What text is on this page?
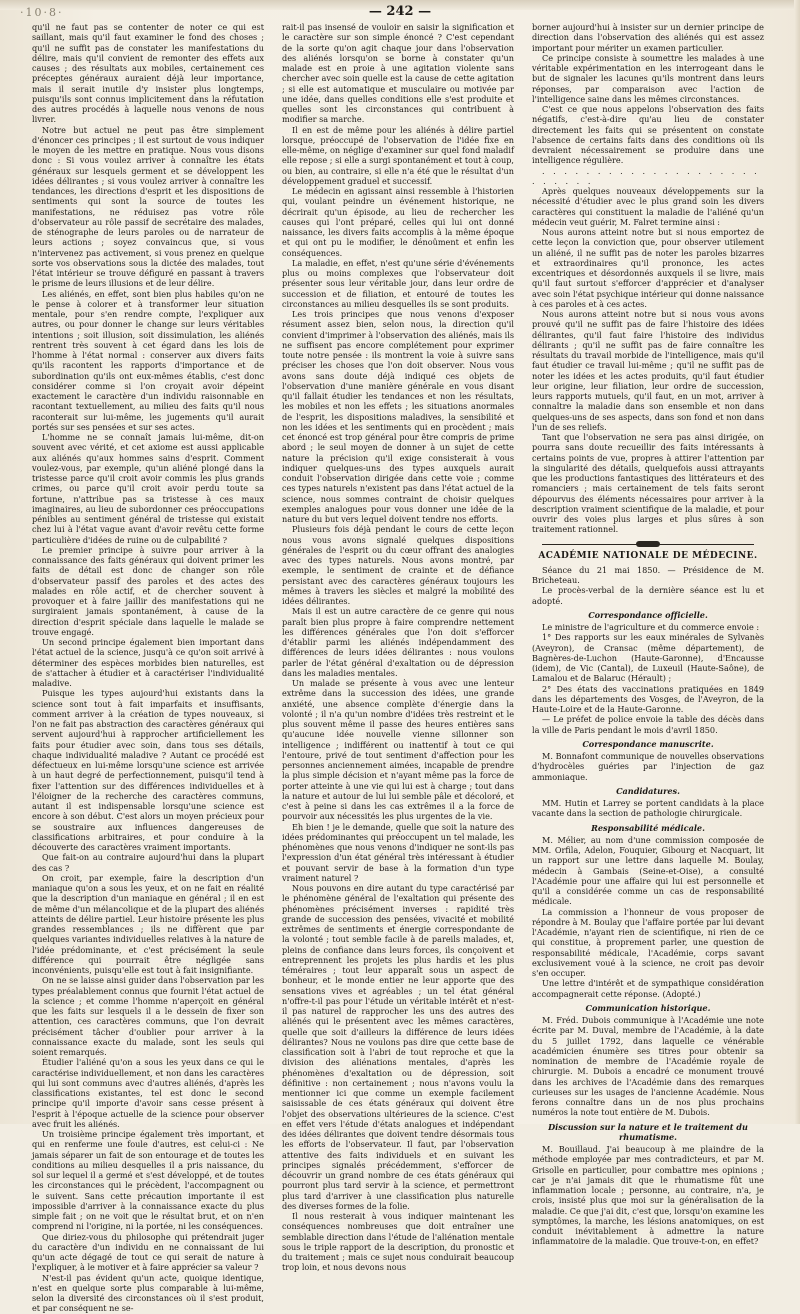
·10·8·	— 242 —

qu'il ne faut pas se contenter de noter ce qui est saillant, mais qu'il faut examiner le fond des choses ; qu'il ne suffit pas de constater les manifestations du délire, mais qu'il convient de remonter des effets aux causes ; des résultats aux mobiles, certainement ces préceptes généraux auraient déjà leur importance, mais il serait inutile d'y insister plus longtemps, puisqu'ils sont connus implicitement dans la réfutation des autres procédés à laquelle nous venons de nous livrer.

Notre but actuel ne peut pas être simplement d'énoncer ces principes ; il est surtout de vous indiquer le moyen de les mettre en pratique. Nous vous disons donc : Si vous voulez arriver à connaître les états généraux sur lesquels germent et se développent les idées délirantes ; si vous voulez arriver à connaître les tendances, les directions d'esprit et les dispositions de sentiments qui sont la source de toutes les manifestations, ne réduisez pas votre rôle d'observateur au rôle passif de secrétaire des malades, de sténographe de leurs paroles ou de narrateur de leurs actions ; soyez convaincus que, si vous n'intervenez pas activement, si vous prenez en quelque sorte vos observations sous la dictée des malades, tout l'état intérieur se trouve défiguré en passant à travers le prisme de leurs illusions et de leur délire.

Les aliénés, en effet, sont bien plus habiles qu'on ne le pense à colorer et à transformer leur situation mentale, pour s'en rendre compte, l'expliquer aux autres, ou pour donner le change sur leurs véritables intentions ; soit illusion, soit dissimulation, les aliénés rentrent très souvent à cet égard dans les lois de l'homme à l'état normal : conserver aux divers faits qu'ils racontent les rapports d'importance et de subordination qu'ils ont eux-mêmes établis, c'est donc considérer comme si l'on croyait avoir dépeint exactement le caractère d'un individu raisonnable en racontant textuellement, au milieu des faits qu'il nous raconterait sur lui-même, les jugements qu'il aurait portés sur ses pensées et sur ses actes.

L'homme ne se connaît jamais lui-même, dit-on souvent avec vérité, et cet axiome est aussi applicable aux aliénés qu'aux hommes sains d'esprit. Comment voulez-vous, par exemple, qu'un aliéné plongé dans la tristesse parce qu'il croit avoir commis les plus grands crimes, ou parce qu'il croit avoir perdu toute sa fortune, n'attribue pas sa tristesse à ces maux imaginaires, au lieu de subordonner ces préoccupations pénibles au sentiment général de tristesse qui existait chez lui à l'état vague avant d'avoir revêtu cette forme particulière d'idées de ruine ou de culpabilité ?

Le premier principe à suivre pour arriver à la connaissance des faits généraux qui doivent primer les faits de détail est donc de changer son rôle d'observateur passif des paroles et des actes des malades en rôle actif, et de chercher souvent à provoquer et à faire jaillir des manifestations qui ne surgiraient jamais spontanément, à cause de la direction d'esprit spéciale dans laquelle le malade se trouve engagé.

Un second principe également bien important dans l'état actuel de la science, jusqu'à ce qu'on soit arrivé à déterminer des espèces morbides bien naturelles, est de s'attacher à étudier et à caractériser l'individualité maladive.

Puisque les types aujourd'hui existants dans la science sont tout à fait imparfaits et insuffisants, comment arriver à la création de types nouveaux, si l'on ne fait pas abstraction des caractères généraux qui servent aujourd'hui à rapprocher artificiellement les faits pour étudier avec soin, dans tous ses détails, chaque individualité maladive ? Autant ce procédé est défectueux en lui-même lorsqu'une science est arrivée à un haut degré de perfectionnement, puisqu'il tend à fixer l'attention sur des différences individuelles et à l'éloigner de la recherche des caractères communs, autant il est indispensable lorsqu'une science est encore à son début. C'est alors un moyen précieux pour se soustraire aux influences dangereuses de classifications arbitraires, et pour conduire à la découverte des caractères vraiment importants.

Que fait-on au contraire aujourd'hui dans la plupart des cas ?

On croit, par exemple, faire la description d'un maniaque qu'on a sous les yeux, et on ne fait en réalité que la description d'un maniaque en général ; il en est de même d'un mélancolique et de la plupart des aliénés atteints de délire partiel. Leur histoire présente les plus grandes ressemblances ; ils ne diffèrent que par quelques variantes individuelles relatives à la nature de l'idée prédominante, et c'est précisément la seule différence qui pourrait être négligée sans inconvénients, puisqu'elle est tout à fait insignifiante.

On ne se laisse ainsi guider dans l'observation par les types préalablement connus que fournit l'état actuel de la science ; et comme l'homme n'aperçoit en général que les faits sur lesquels il a le dessein de fixer son attention, ces caractères communs, que l'on devrait précisément tâcher d'oublier pour arriver à la connaissance exacte du malade, sont les seuls qui soient remarqués.

Étudier l'aliéné qu'on a sous les yeux dans ce qui le caractérise individuellement, et non dans les caractères qui lui sont communs avec d'autres aliénés, d'après les classifications existantes, tel est donc le second principe qu'il importe d'avoir sans cesse présent à l'esprit à l'époque actuelle de la science pour observer avec fruit les aliénés.

Un troisième principe également très important, et qui en renferme une foule d'autres, est celui-ci : Ne jamais séparer un fait de son entourage et de toutes les conditions au milieu desquelles il a pris naissance, du sol sur lequel il a germé et s'est développé, et de toutes les circonstances qui le précèdent, l'accompagnent ou le suivent. Sans cette précaution importante il est impossible d'arriver à la connaissance exacte du plus simple fait ; on ne voit que le résultat brut, et on n'en comprend ni l'origine, ni la portée, ni les conséquences.

Que diriez-vous du philosophe qui prétendrait juger du caractère d'un individu en ne connaissant de lui qu'un acte dégagé de tout ce qui serait de nature à l'expliquer, à le motiver et à faire apprécier sa valeur ?

N'est-il pas évident qu'un acte, quoique identique, n'est en quelque sorte plus comparable à lui-même, selon la diversité des circonstances où il s'est produit, et par conséquent ne se-

rait-il pas insensé de vouloir en saisir la signification et le caractère sur son simple énoncé ? C'est cependant de la sorte qu'on agit chaque jour dans l'observation des aliénés lorsqu'on se borne à constater qu'un malade est en proie à une agitation violente sans chercher avec soin quelle est la cause de cette agitation ; si elle est automatique et musculaire ou motivée par une idée, dans quelles conditions elle s'est produite et quelles sont les circonstances qui contribuent à modifier sa marche.

Il en est de même pour les aliénés à délire partiel lorsque, préoccupé de l'observation de l'idée fixe en elle-même, on néglige d'examiner sur quel fond maladif elle repose ; si elle a surgi spontanément et tout à coup, ou bien, au contraire, si elle n'a été que le résultat d'un développement graduel et successif.

Le médecin en agissant ainsi ressemble à l'historien qui, voulant peindre un événement historique, ne décrirait qu'un épisode, au lieu de rechercher les causes qui l'ont préparé, celles qui lui ont donné naissance, les divers faits accomplis à la même époque et qui ont pu le modifier, le dénoûment et enfin les conséquences.

La maladie, en effet, n'est qu'une série d'événements plus ou moins complexes que l'observateur doit présenter sous leur véritable jour, dans leur ordre de succession et de filiation, et entouré de toutes les circonstances au milieu desquelles ils se sont produits.

Les trois principes que nous venons d'exposer résument assez bien, selon nous, la direction qu'il convient d'imprimer à l'observation des aliénés, mais ils ne suffisent pas encore complétement pour exprimer toute notre pensée : ils montrent la voie à suivre sans préciser les choses que l'on doit observer. Nous vous avons sans doute déjà indiqué ces objets de l'observation d'une manière générale en vous disant qu'il fallait étudier les tendances et non les résultats, les mobiles et non les effets ; les situations anormales de l'esprit, les dispositions maladives, la sensibilité et non les idées et les sentiments qui en procèdent ; mais cet énoncé est trop général pour être compris de prime abord ; le seul moyen de donner à un sujet de cette nature la précision qu'il exige consisterait à vous indiquer quelques-uns des types auxquels aurait conduit l'observation dirigée dans cette voie ; comme ces types naturels n'existent pas dans l'état actuel de la science, nous sommes contraint de choisir quelques exemples analogues pour vous donner une idée de la nature du but vers lequel doivent tendre nos efforts.

Plusieurs fois déjà pendant le cours de cette leçon nous vous avons signalé quelques dispositions générales de l'esprit ou du cœur offrant des analogies avec des types naturels. Nous avons montré, par exemple, le sentiment de crainte et de défiance persistant avec des caractères généraux toujours les mêmes à travers les siècles et malgré la mobilité des idées délirantes.

Mais il est un autre caractère de ce genre qui nous paraît bien plus propre à faire comprendre nettement les différences générales que l'on doit s'efforcer d'établir parmi les aliénés indépendamment des différences de leurs idées délirantes : nous voulons parler de l'état général d'exaltation ou de dépression dans les maladies mentales.

Un malade se présente à vous avec une lenteur extrême dans la succession des idées, une grande anxiété, une absence complète d'énergie dans la volonté ; il n'a qu'un nombre d'idées très restreint et le plus souvent même il passe des heures entières sans qu'aucune idée nouvelle vienne sillonner son intelligence ; indifférent ou inattentif à tout ce qui l'entoure, privé de tout sentiment d'affection pour les personnes anciennement aimées, incapable de prendre la plus simple décision et n'ayant même pas la force de porter atteinte à une vie qui lui est à charge ; tout dans la nature et autour de lui lui semble pâle et décoloré, et c'est à peine si dans les cas extrêmes il a la force de pourvoir aux nécessités les plus urgentes de la vie.

Eh bien ! je le demande, quelle que soit la nature des idées prédominantes qui préoccupent un tel malade, les phénomènes que nous venons d'indiquer ne sont-ils pas l'expression d'un état général très intéressant à étudier et pouvant servir de base à la formation d'un type vraiment naturel ?

Nous pouvons en dire autant du type caractérisé par le phénomène général de l'exaltation qui présente des phénomènes précisément inverses : rapidité très grande de succession des pensées, vivacité et mobilité extrêmes de sentiments et énergie correspondante de la volonté ; tout semble facile à de pareils malades, et, pleins de confiance dans leurs forces, ils conçoivent et entreprennent les projets les plus hardis et les plus téméraires ; tout leur apparaît sous un aspect de bonheur, et le monde entier ne leur apporte que des sensations vives et agréables ; un tel état général n'offre-t-il pas pour l'étude un véritable intérêt et n'est-il pas naturel de rapprocher les uns des autres des aliénés qui le présentent avec les mêmes caractères, quelle que soit d'ailleurs la différence de leurs idées délirantes? Nous ne voulons pas dire que cette base de classification soit à l'abri de tout reproche et que la division des aliénations mentales, d'après les phénomènes d'exaltation ou de dépression, soit définitive : non certainement ; nous n'avons voulu la mentionner ici que comme un exemple facilement saisissable de ces états généraux qui doivent être l'objet des observations ultérieures de la science. C'est en effet vers l'étude d'états analogues et indépendant des idées délirantes que doivent tendre désormais tous les efforts de l'observateur. Il faut, par l'observation attentive des faits individuels et en suivant les principes signalés précédemment, s'efforcer de découvrir un grand nombre de ces états généraux qui pourront plus tard servir à la science, et permettront plus tard d'arriver à une classification plus naturelle des diverses formes de la folie.

Il nous resterait à vous indiquer maintenant les conséquences nombreuses que doit entraîner une semblable direction dans l'étude de l'aliénation mentale sous le triple rapport de la description, du pronostic et du traitement ; mais ce sujet nous conduirait beaucoup trop loin, et nous devons nous

borner aujourd'hui à insister sur un dernier principe de direction dans l'observation des aliénés qui est assez important pour mériter un examen particulier.

Ce principe consiste à soumettre les malades à une véritable expérimentation en les interrogeant dans le but de signaler les lacunes qu'ils montrent dans leurs réponses, par comparaison avec l'action de l'intelligence saine dans les mêmes circonstances.

C'est ce que nous appelons l'observation des faits négatifs, c'est-à-dire qu'au lieu de constater directement les faits qui se présentent on constate l'absence de certains faits dans des conditions où ils devraient nécessairement se produire dans une intelligence régulière.

. . . . . . . . . . . . . . . . . . . . . . . . . .

Après quelques nouveaux développements sur la nécessité d'étudier avec le plus grand soin les divers caractères qui constituent la maladie de l'aliéné qu'un médecin veut guérir, M. Falret termine ainsi :

Nous aurons atteint notre but si nous emportez de cette leçon la conviction que, pour observer utilement un aliéné, il ne suffit pas de noter les paroles bizarres et extraordinaires qu'il prononce, les actes excentriques et désordonnés auxquels il se livre, mais qu'il faut surtout s'efforcer d'apprécier et d'analyser avec soin l'état psychique intérieur qui donne naissance à ces paroles et à ces actes.

Nous aurons atteint notre but si nous vous avons prouvé qu'il ne suffit pas de faire l'histoire des idées délirantes, qu'il faut faire l'histoire des individus délirants ; qu'il ne suffit pas de faire connaître les résultats du travail morbide de l'intelligence, mais qu'il faut étudier ce travail lui-même ; qu'il ne suffit pas de noter les idées et les actes produits, qu'il faut étudier leur origine, leur filiation, leur ordre de succession, leurs rapports mutuels, qu'il faut, en un mot, arriver à connaître la maladie dans son ensemble et non dans quelques-uns de ses aspects, dans son fond et non dans l'un de ses reliefs.

Tant que l'observation ne sera pas ainsi dirigée, on pourra sans doute recueillir des faits intéressants à certains points de vue, propres à attirer l'attention par la singularité des détails, quelquefois aussi attrayants que les productions fantastiques des littérateurs et des romanciers ; mais certainement de tels faits seront dépourvus des éléments nécessaires pour arriver à la description vraiment scientifique de la maladie, et pour ouvrir des voies plus larges et plus sûres à son traitement rationnel.

ACADÉMIE NATIONALE DE MÉDECINE.

Séance du 21 mai 1850. — Présidence de M. Bricheteau.

Le procès-verbal de la dernière séance est lu et adopté.

Correspondance officielle.

Le ministre de l'agriculture et du commerce envoie :

1° Des rapports sur les eaux minérales de Sylvanès (Aveyron), de Cransac (même département), de Bagnères-de-Luchon (Haute-Garonne), d'Encausse (idem), de Vic (Cantal), de Luxeuil (Haute-Saône), de Lamalou et de Balaruc (Hérault) ;

2° Des états des vaccinations pratiquées en 1849 dans les départements des Vosges, de l'Aveyron, de la Haute-Loire et de la Haute-Garonne.

— Le préfet de police envoie la table des décès dans la ville de Paris pendant le mois d'avril 1850.

Correspondance manuscrite.

M. Bonnafont communique de nouvelles observations d'hydrocèles guéries par l'injection de gaz ammoniaque.

Candidatures.

MM. Hutin et Larrey se portent candidats à la place vacante dans la section de pathologie chirurgicale.

Responsabilité médicale.

M. Mélier, au nom d'une commission composée de MM. Orfila, Adelon, Fouquier, Gibourg et Nacquart, lit un rapport sur une lettre dans laquelle M. Boulay, médecin à Gambais (Seine-et-Oise), a consulté l'Académie pour une affaire qui lui est personnelle et qu'il a considérée comme un cas de responsabilité médicale.

La commission a l'honneur de vous proposer de répondre à M. Boulay que l'affaire portée par lui devant l'Académie, n'ayant rien de scientifique, ni rien de ce qui constitue, à proprement parler, une question de responsabilité médicale, l'Académie, corps savant exclusivement voué à la science, ne croit pas devoir s'en occuper.

Une lettre d'intérêt et de sympathique considération accompagnerait cette réponse. (Adopté.)

Communication historique.

M. Fréd. Dubois communique à l'Académie une note écrite par M. Duval, membre de l'Académie, à la date du 5 juillet 1792, dans laquelle ce vénérable académicien énumère ses titres pour obtenir sa nomination de membre de l'Académie royale de chirurgie. M. Dubois a encadré ce monument trouvé dans les archives de l'Académie dans des remarques curieuses sur les usages de l'ancienne Académie. Nous ferons connaître dans un de nos plus prochains numéros la note tout entière de M. Dubois.

Discussion sur la nature et le traitement du rhumatisme.

M. Bouillaud. J'ai beaucoup à me plaindre de la méthode employée par mes contradicteurs, et par M. Grisolle en particulier, pour combattre mes opinions ; car je n'ai jamais dit que le rhumatisme fût une inflammation locale ; personne, au contraire, n'a, je crois, insisté plus que moi sur la généralisation de la maladie. Ce que j'ai dit, c'est que, lorsqu'on examine les symptômes, la marche, les lésions anatomiques, on est conduit inévitablement à admettre la nature inflammatoire de la maladie. Que trouve-t-on, en effet?
